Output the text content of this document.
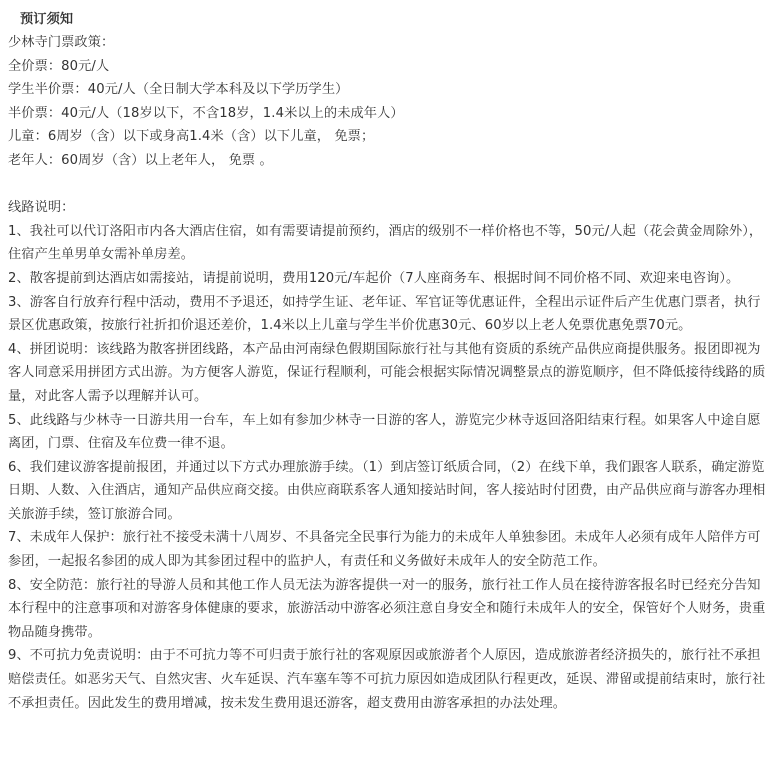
预订须知
少林寺门票政策：
全价票：80元/人
学生半价票：40元/人（全日制大学本科及以下学历学生）
半价票：40元/人（18岁以下，不含18岁，1.4米以上的未成年人）
儿童：6周岁（含）以下或身高1.4米（含）以下儿童， 免票；
老年人：60周岁（含）以上老年人， 免票 。
线路说明：

1、我社可以代订洛阳市内各大酒店住宿，如有需要请提前预约，酒店的级别不一样价格也不等，50元/人起（花会黄金周除外），住宿产生单男单女需补单房差。

2、散客提前到达酒店如需接站，请提前说明，费用120元/车起价（7人座商务车、根据时间不同价格不同、欢迎来电咨询）。

3、游客自行放弃行程中活动，费用不予退还，如持学生证、老年证、军官证等优惠证件，全程出示证件后产生优惠门票者，执行景区优惠政策，按旅行社折扣价退还差价，1.4米以上儿童与学生半价优惠30元、60岁以上老人免票优惠免票70元。

4、拼团说明：该线路为散客拼团线路，本产品由河南绿色假期国际旅行社与其他有资质的系统产品供应商提供服务。报团即视为客人同意采用拼团方式出游。为方便客人游览，保证行程顺利，可能会根据实际情况调整景点的游览顺序，但不降低接待线路的质量，对此客人需予以理解并认可。

5、此线路与少林寺一日游共用一台车，车上如有参加少林寺一日游的客人，游览完少林寺返回洛阳结束行程。如果客人中途自愿离团，门票、住宿及车位费一律不退。

6、我们建议游客提前报团，并通过以下方式办理旅游手续。（1）到店签订纸质合同，（2）在线下单，我们跟客人联系，确定游览日期、人数、入住酒店，通知产品供应商交接。由供应商联系客人通知接站时间，客人接站时付团费，由产品供应商与游客办理相关旅游手续，签订旅游合同。

7、未成年人保护：旅行社不接受未满十八周岁、不具备完全民事行为能力的未成年人单独参团。未成年人必须有成年人陪伴方可参团，一起报名参团的成人即为其参团过程中的监护人，有责任和义务做好未成年人的安全防范工作。

8、安全防范：旅行社的导游人员和其他工作人员无法为游客提供一对一的服务，旅行社工作人员在接待游客报名时已经充分告知本行程中的注意事项和对游客身体健康的要求，旅游活动中游客必须注意自身安全和随行未成年人的安全，保管好个人财务，贵重物品随身携带。

9、不可抗力免责说明：由于不可抗力等不可归责于旅行社的客观原因或旅游者个人原因，造成旅游者经济损失的，旅行社不承担赔偿责任。如恶劣天气、自然灾害、火车延误、汽车塞车等不可抗力原因如造成团队行程更改，延误、滞留或提前结束时，旅行社不承担责任。因此发生的费用增减，按未发生费用退还游客，超支费用由游客承担的办法处理。
